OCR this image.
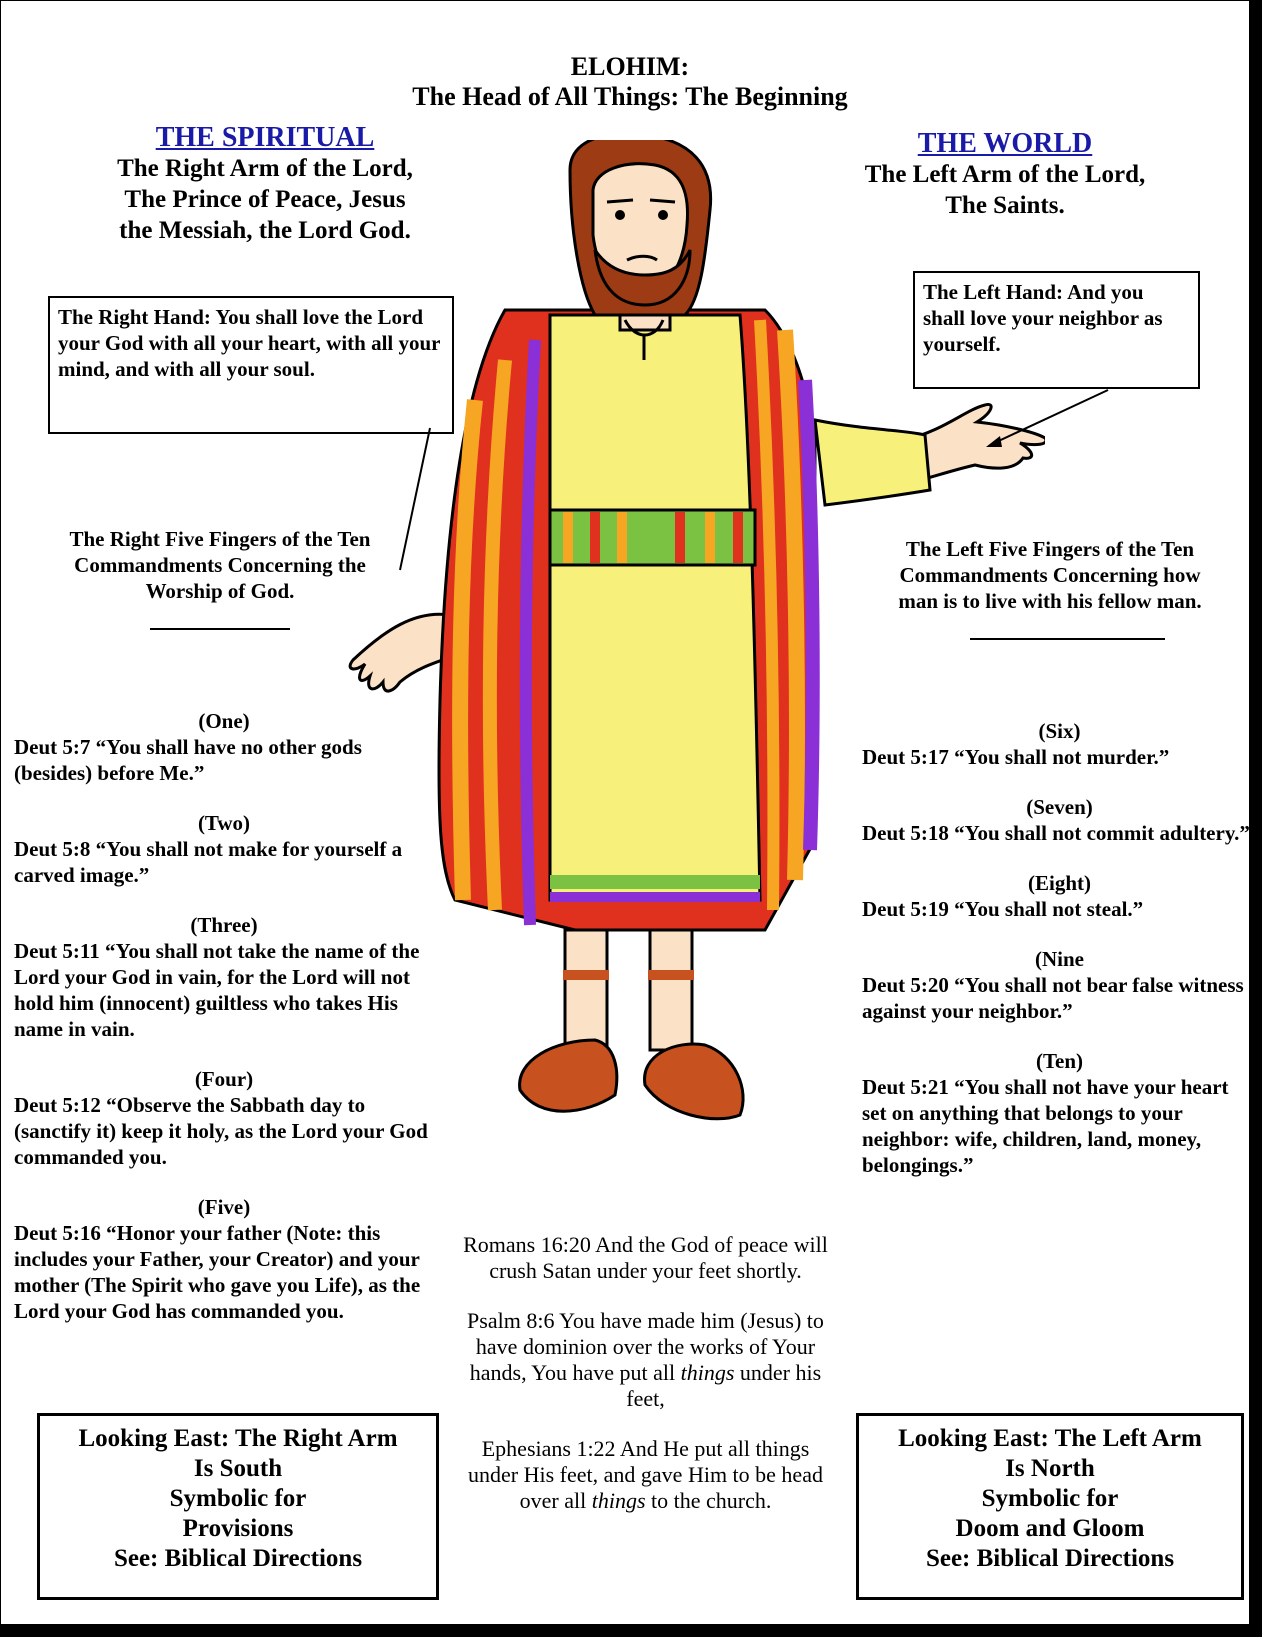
ELOHIM:
The Head of All Things: The Beginning
THE SPIRITUAL
The Right Arm of the Lord,
The Prince of Peace, Jesus
the Messiah, the Lord God.
THE WORLD
The Left Arm of the Lord,
The Saints.
The Right Hand: You shall love the Lord your God with all your heart, with all your mind, and with all your soul.
The Left Hand: And you shall love your neighbor as yourself.
The Right Five Fingers of the Ten
Commandments Concerning the
Worship of God.
The Left Five Fingers of the Ten
Commandments Concerning how
man is to live with his fellow man.
(One)
Deut 5:7 “You shall have no other gods (besides) before Me.”
(Two)
Deut 5:8 “You shall not make for yourself a carved image.”
(Three)
Deut 5:11 “You shall not take the name of the Lord your God in vain, for the Lord will not hold him (innocent) guiltless who takes His name in vain.
(Four)
Deut 5:12 “Observe the Sabbath day to (sanctify it) keep it holy, as the Lord your God commanded you.
(Five)
Deut 5:16 “Honor your father (Note: this includes your Father, your Creator) and your mother (The Spirit who gave you Life), as the Lord your God has commanded you.
(Six)
Deut 5:17 “You shall not murder.”
(Seven)
Deut 5:18 “You shall not commit adultery.”
(Eight)
Deut 5:19 “You shall not steal.”
(Nine
Deut 5:20 “You shall not bear false witness against your neighbor.”
(Ten)
Deut 5:21 “You shall not have your heart set on anything that belongs to your neighbor: wife, children, land, money, belongings.”
Romans 16:20 And the God of peace will crush Satan under your feet shortly.
Psalm 8:6 You have made him (Jesus) to have dominion over the works of Your hands, You have put all things under his feet,
Ephesians 1:22 And He put all things under His feet, and gave Him to be head over all things to the church.
Looking East: The Right Arm
Is South
Symbolic for
Provisions
See: Biblical Directions
Looking East: The Left Arm
Is North
Symbolic for
Doom and Gloom
See: Biblical Directions
